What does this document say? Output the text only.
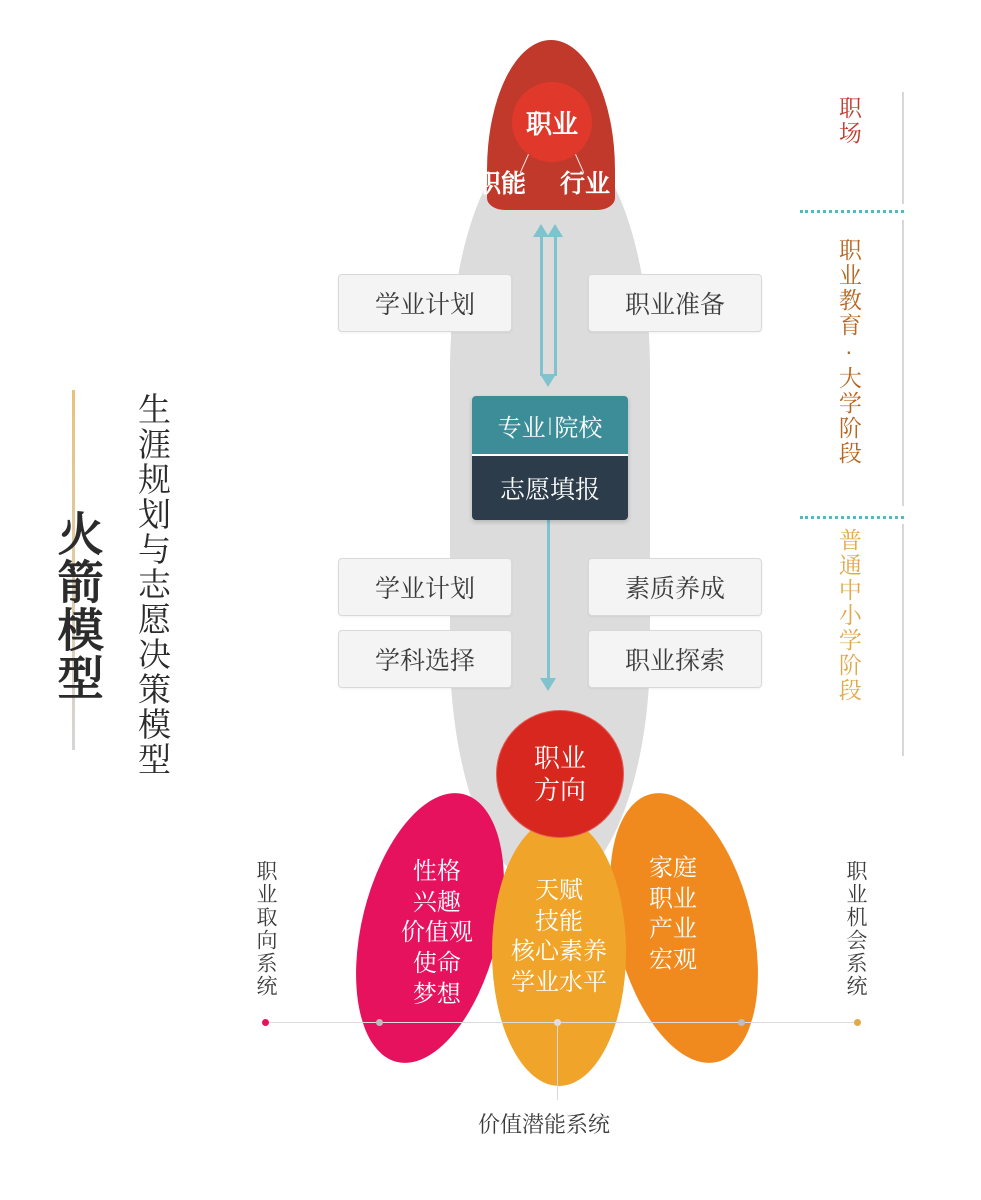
火箭模型 生涯规划与志愿决策模型
职场
职业教育·大学阶段
普通中小学阶段
职业
职能 行业
学业计划	职业准备
学业计划	素质养成
学科选择	职业探索
专业 | 院校
志愿填报
性格
兴趣
价值观
使命
梦想
家庭
职业
产业
宏观
天赋
技能
核心素养
学业水平
职业
方向
职业取向系统	职业机会系统
价值潜能系统
